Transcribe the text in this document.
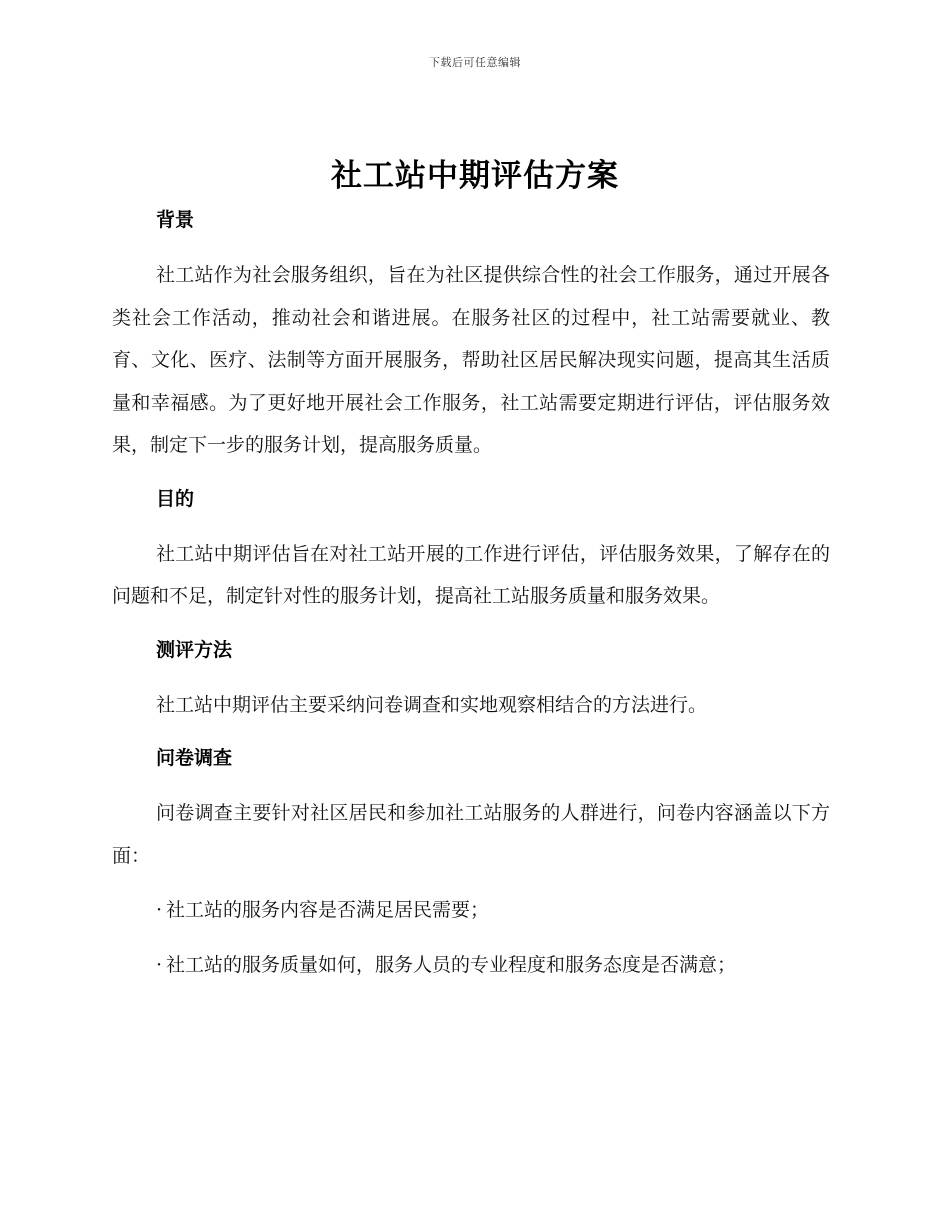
下载后可任意编辑
社工站中期评估方案
背景

社工站作为社会服务组织，旨在为社区提供综合性的社会工作服务，通过开展各类社会工作活动，推动社会和谐进展。在服务社区的过程中，社工站需要就业、教育、文化、医疗、法制等方面开展服务，帮助社区居民解决现实问题，提高其生活质量和幸福感。为了更好地开展社会工作服务，社工站需要定期进行评估，评估服务效果，制定下一步的服务计划，提高服务质量。

目的

社工站中期评估旨在对社工站开展的工作进行评估，评估服务效果，了解存在的问题和不足，制定针对性的服务计划，提高社工站服务质量和服务效果。

测评方法

社工站中期评估主要采纳问卷调查和实地观察相结合的方法进行。

问卷调查

问卷调查主要针对社区居民和参加社工站服务的人群进行，问卷内容涵盖以下方面：

· 社工站的服务内容是否满足居民需要；

· 社工站的服务质量如何，服务人员的专业程度和服务态度是否满意；
